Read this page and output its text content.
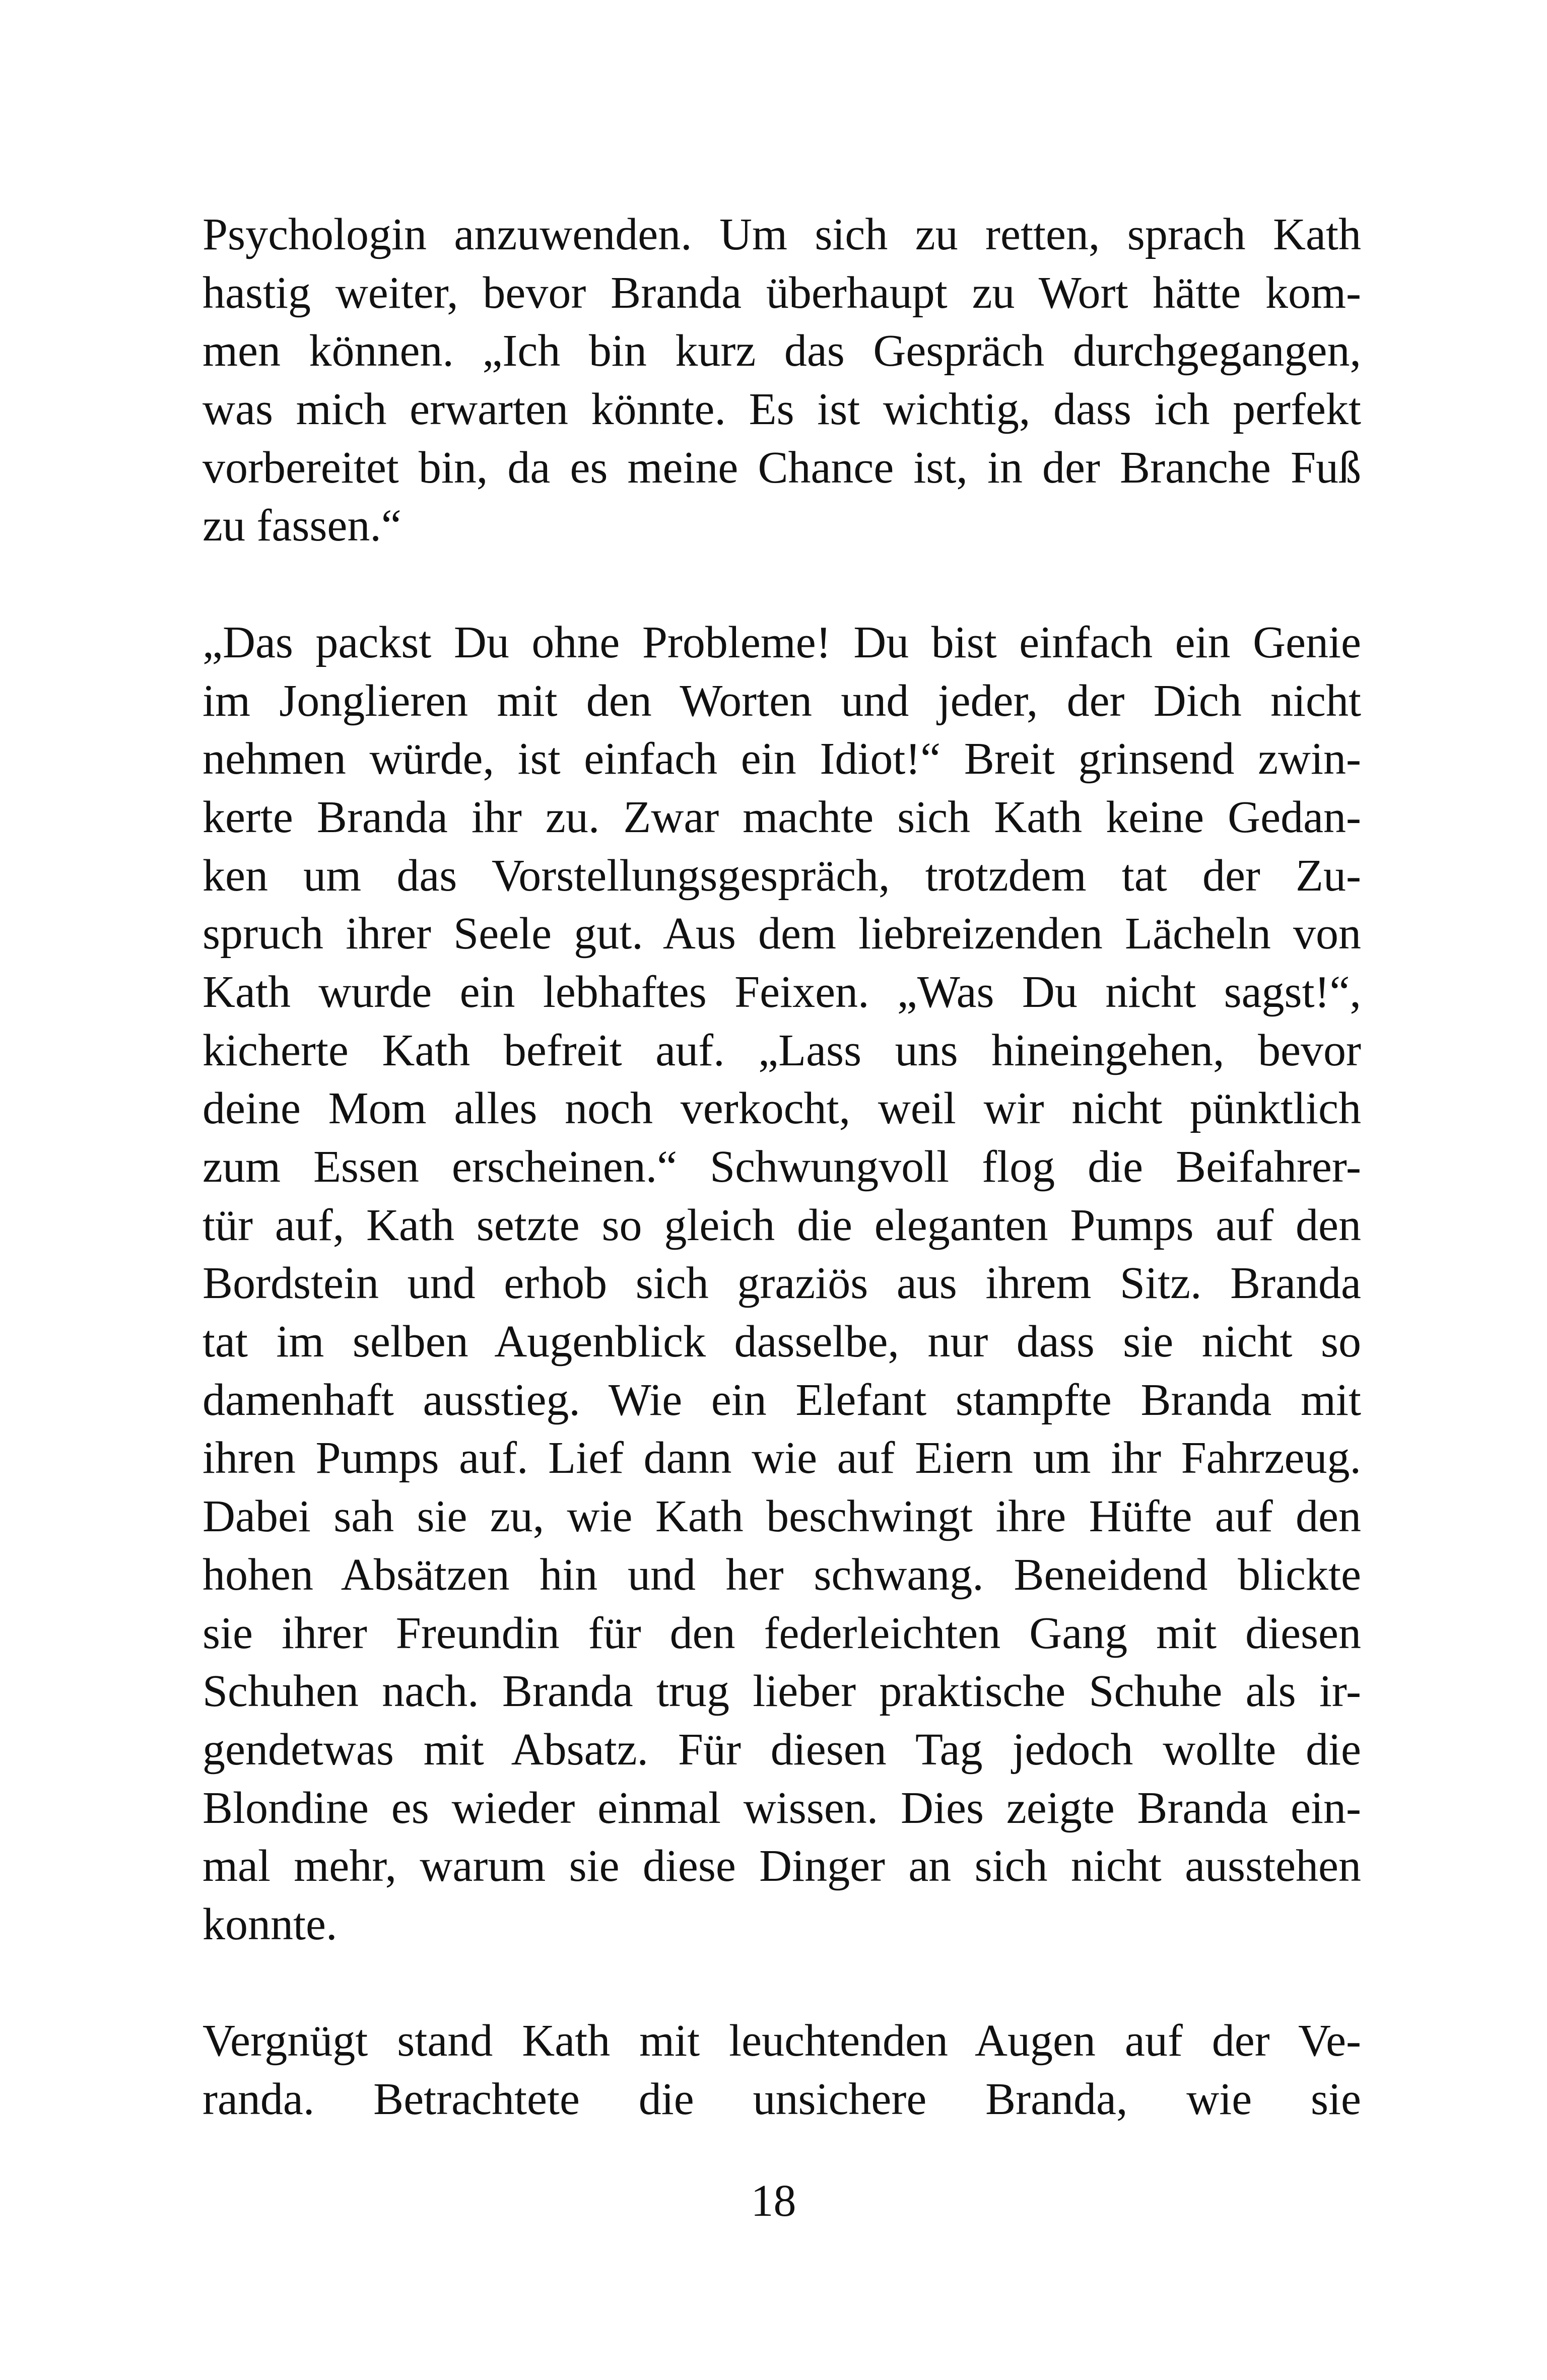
Psychologin anzuwenden. Um sich zu retten, sprach Kath
hastig weiter, bevor Branda überhaupt zu Wort hätte kom-
men können. „Ich bin kurz das Gespräch durchgegangen,
was mich erwarten könnte. Es ist wichtig, dass ich perfekt
vorbereitet bin, da es meine Chance ist, in der Branche Fuß
zu fassen.“
„Das packst Du ohne Probleme! Du bist einfach ein Genie
im Jonglieren mit den Worten und jeder, der Dich nicht
nehmen würde, ist einfach ein Idiot!“ Breit grinsend zwin-
kerte Branda ihr zu. Zwar machte sich Kath keine Gedan-
ken um das Vorstellungsgespräch, trotzdem tat der Zu-
spruch ihrer Seele gut. Aus dem liebreizenden Lächeln von
Kath wurde ein lebhaftes Feixen. „Was Du nicht sagst!“,
kicherte Kath befreit auf. „Lass uns hineingehen, bevor
deine Mom alles noch verkocht, weil wir nicht pünktlich
zum Essen erscheinen.“ Schwungvoll flog die Beifahrer-
tür auf, Kath setzte so gleich die eleganten Pumps auf den
Bordstein und erhob sich graziös aus ihrem Sitz. Branda
tat im selben Augenblick dasselbe, nur dass sie nicht so
damenhaft ausstieg. Wie ein Elefant stampfte Branda mit
ihren Pumps auf. Lief dann wie auf Eiern um ihr Fahrzeug.
Dabei sah sie zu, wie Kath beschwingt ihre Hüfte auf den
hohen Absätzen hin und her schwang. Beneidend blickte
sie ihrer Freundin für den federleichten Gang mit diesen
Schuhen nach. Branda trug lieber praktische Schuhe als ir-
gendetwas mit Absatz. Für diesen Tag jedoch wollte die
Blondine es wieder einmal wissen. Dies zeigte Branda ein-
mal mehr, warum sie diese Dinger an sich nicht ausstehen
konnte.
Vergnügt stand Kath mit leuchtenden Augen auf der Ve-
randa. Betrachtete die unsichere Branda, wie sie
18
